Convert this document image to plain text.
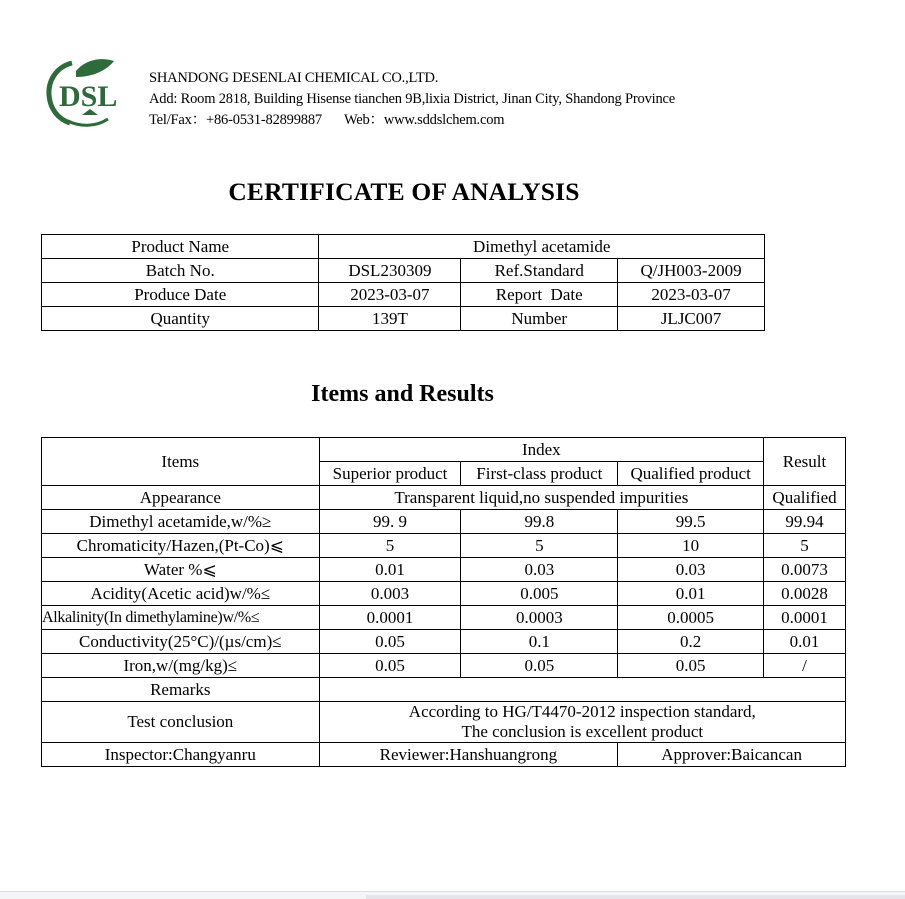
DSL
SHANDONG DESENLAI CHEMICAL CO.,LTD.
Add: Room 2818, Building Hisense tianchen 9B,lixia District, Jinan City, Shandong Province
Tel/Fax：+86-0531-82899887 Web：www.sddslchem.com
CERTIFICATE OF ANALYSIS
Product Name	Dimethyl acetamide		
Batch No.	DSL230309	Ref.Standard	Q/JH003-2009
Produce Date	2023-03-07	Report  Date	2023-03-07
Quantity	139T	Number	JLJC007
Items and Results
Items	Index			Result
	Superior product	First-class product	Qualified product	
Appearance	Transparent liquid,no suspended impurities			Qualified
Dimethyl acetamide,w/%≥	99. 9	99.8	99.5	99.94
Chromaticity/Hazen,(Pt-Co)⩽	5	5	10	5
Water %⩽	0.01	0.03	0.03	0.0073
Acidity(Acetic acid)w/%≤	0.003	0.005	0.01	0.0028
Alkalinity(In dimethylamine)w/%≤	0.0001	0.0003	0.0005	0.0001
Conductivity(25°C)/(µs/cm)≤	0.05	0.1	0.2	0.01
Iron,w/(mg/kg)≤	0.05	0.05	0.05	/
Remarks				
Test conclusion	According to HG/T4470-2012 inspection standard,
The conclusion is excellent product			

Inspector:Changyanru	Reviewer:Hanshuangrong		Approver:Baicancan	
